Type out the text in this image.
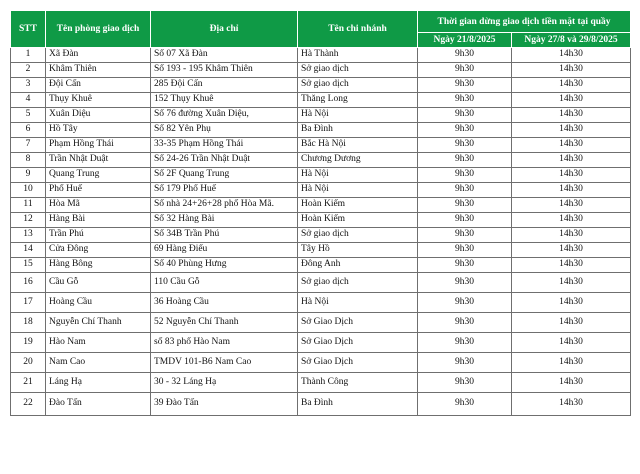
STT	Tên phòng giao dịch	Địa chỉ	Tên chi nhánh	Thời gian dừng giao dịch tiền mặt tại quầy	
				Ngày 21/8/2025	Ngày 27/8 và 29/8/2025
1	Xã Đàn	Số 07 Xã Đàn	Hà Thành	9h30	14h30
2	Khâm Thiên	Số 193 - 195 Khâm Thiên	Sở giao dịch	9h30	14h30
3	Đội Cấn	285 Đội Cấn	Sở giao dịch	9h30	14h30
4	Thụy Khuê	152 Thụy Khuê	Thăng Long	9h30	14h30
5	Xuân Diệu	Số 76 đường Xuân Diệu,	Hà Nội	9h30	14h30
6	Hồ Tây	Số 82 Yên Phụ	Ba Đình	9h30	14h30
7	Phạm Hồng Thái	33-35 Phạm Hồng Thái	Bắc Hà Nội	9h30	14h30
8	Trần Nhật Duật	Số 24-26 Trần Nhật Duật	Chương Dương	9h30	14h30
9	Quang Trung	Số 2F Quang Trung	Hà Nội	9h30	14h30
10	Phố Huế	Số 179 Phố Huế	Hà Nội	9h30	14h30
11	Hòa Mã	Số nhà 24+26+28 phố Hòa Mã.	Hoàn Kiếm	9h30	14h30
12	Hàng Bài	Số 32 Hàng Bài	Hoàn Kiếm	9h30	14h30
13	Trần Phú	Số 34B Trần Phú	Sở giao dịch	9h30	14h30
14	Cửa Đông	69 Hàng Điếu	Tây Hồ	9h30	14h30
15	Hàng Bông	Số 40 Phùng Hưng	Đông Anh	9h30	14h30
16	Cầu Gỗ	110 Cầu Gỗ	Sở giao dịch	9h30	14h30
17	Hoàng Cầu	36 Hoàng Cầu	Hà Nội	9h30	14h30
18	Nguyễn Chí Thanh	52 Nguyễn Chí Thanh	Sở Giao Dịch	9h30	14h30
19	Hào Nam	số 83 phố Hào Nam	Sở Giao Dịch	9h30	14h30
20	Nam Cao	TMDV 101-B6 Nam Cao	Sở Giao Dịch	9h30	14h30
21	Láng Hạ	30 - 32 Láng Hạ	Thành Công	9h30	14h30
22	Đào Tấn	39 Đào Tấn	Ba Đình	9h30	14h30
